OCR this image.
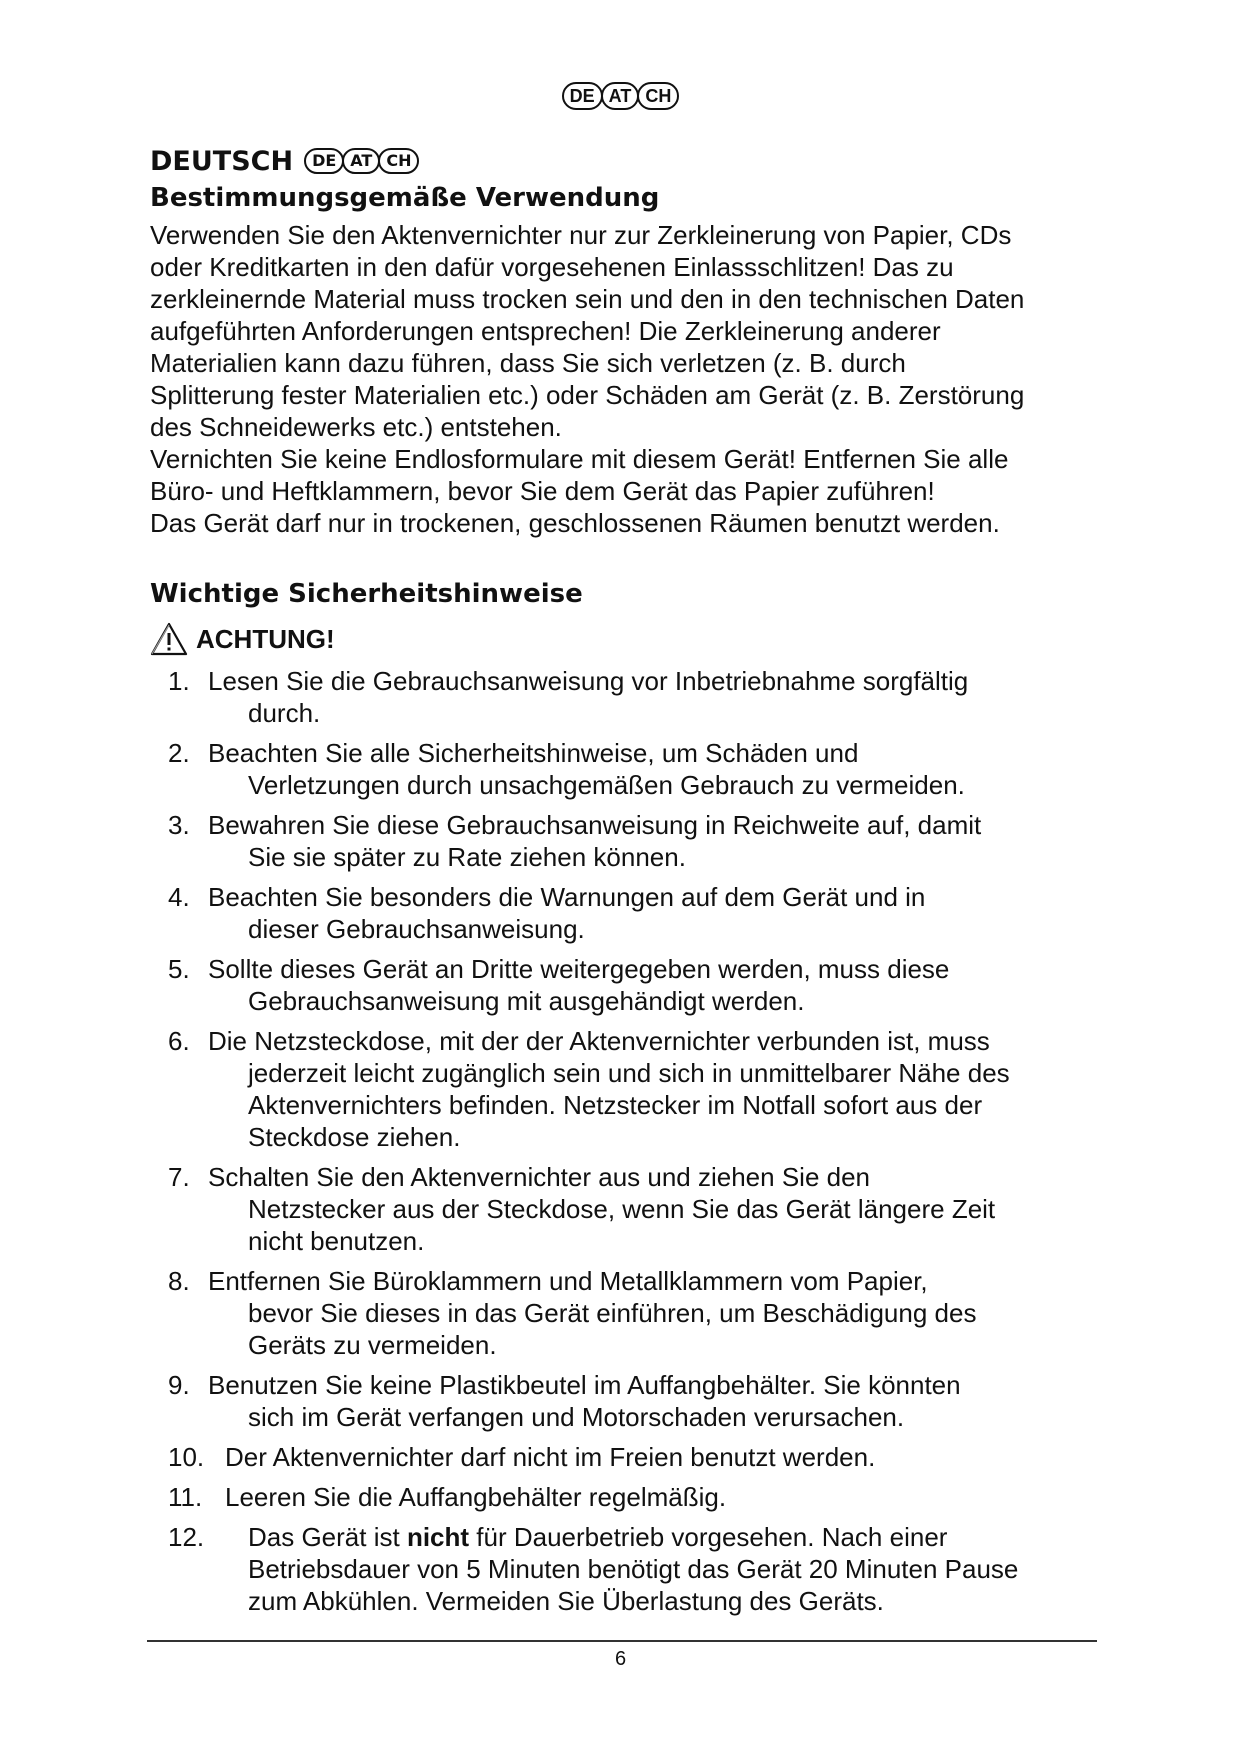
DE AT CH
DEUTSCH	DE AT CH
Bestimmungsgemäße Verwendung

Verwenden Sie den Aktenvernichter nur zur Zerkleinerung von Papier, CDs

oder Kreditkarten in den dafür vorgesehenen Einlassschlitzen! Das zu

zerkleinernde Material muss trocken sein und den in den technischen Daten

aufgeführten Anforderungen entsprechen! Die Zerkleinerung anderer

Materialien kann dazu führen, dass Sie sich verletzen (z. B. durch

Splitterung fester Materialien etc.) oder Schäden am Gerät (z. B. Zerstörung

des Schneidewerks etc.) entstehen.

Vernichten Sie keine Endlosformulare mit diesem Gerät! Entfernen Sie alle

Büro- und Heftklammern, bevor Sie dem Gerät das Papier zuführen!

Das Gerät darf nur in trockenen, geschlossenen Räumen benutzt werden.

Wichtige Sicherheitshinweise
ACHTUNG!
1. Lesen Sie die Gebrauchsanweisung vor Inbetriebnahme sorgfältig
durch.
2. Beachten Sie alle Sicherheitshinweise, um Schäden und
Verletzungen durch unsachgemäßen Gebrauch zu vermeiden.
3. Bewahren Sie diese Gebrauchsanweisung in Reichweite auf, damit
Sie sie später zu Rate ziehen können.
4. Beachten Sie besonders die Warnungen auf dem Gerät und in
dieser Gebrauchsanweisung.
5. Sollte dieses Gerät an Dritte weitergegeben werden, muss diese
Gebrauchsanweisung mit ausgehändigt werden.
6. Die Netzsteckdose, mit der der Aktenvernichter verbunden ist, muss
jederzeit leicht zugänglich sein und sich in unmittelbarer Nähe des
Aktenvernichters befinden. Netzstecker im Notfall sofort aus der
Steckdose ziehen.
7. Schalten Sie den Aktenvernichter aus und ziehen Sie den
Netzstecker aus der Steckdose, wenn Sie das Gerät längere Zeit
nicht benutzen.
8. Entfernen Sie Büroklammern und Metallklammern vom Papier,
bevor Sie dieses in das Gerät einführen, um Beschädigung des
Geräts zu vermeiden.
9. Benutzen Sie keine Plastikbeutel im Auffangbehälter. Sie könnten
sich im Gerät verfangen und Motorschaden verursachen.
10. Der Aktenvernichter darf nicht im Freien benutzt werden.
11. Leeren Sie die Auffangbehälter regelmäßig.
12. Das Gerät ist nicht für Dauerbetrieb vorgesehen. Nach einer
Betriebsdauer von 5 Minuten benötigt das Gerät 20 Minuten Pause
zum Abkühlen. Vermeiden Sie Überlastung des Geräts.
6
